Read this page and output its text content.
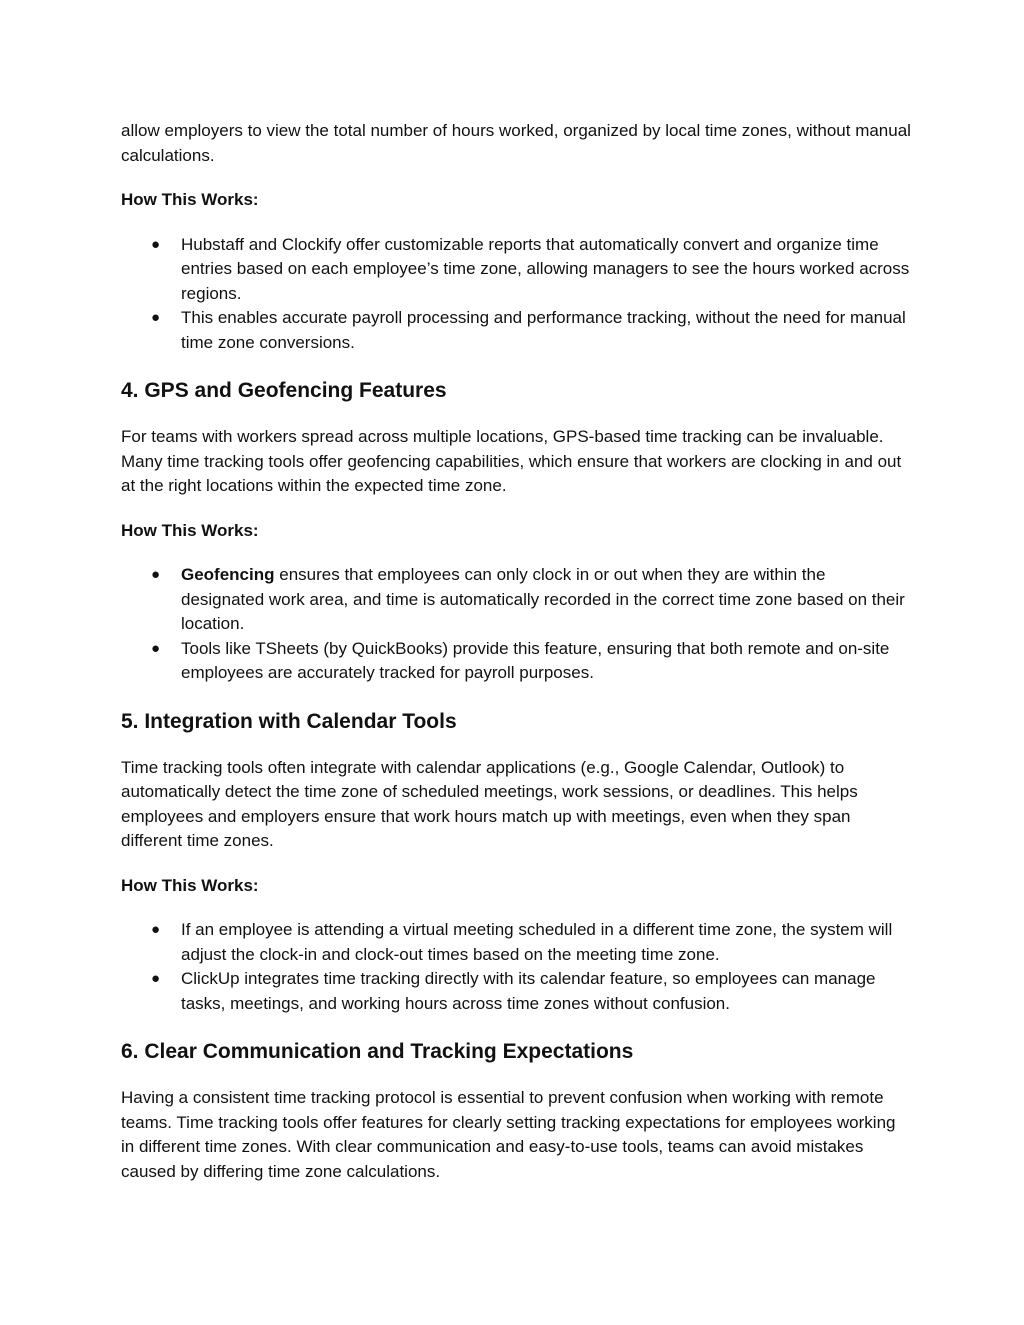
allow employers to view the total number of hours worked, organized by local time zones, without manual calculations.

How This Works:

● Hubstaff and Clockify offer customizable reports that automatically convert and organize time entries based on each employee’s time zone, allowing managers to see the hours worked across regions.
● This enables accurate payroll processing and performance tracking, without the need for manual time zone conversions.
4. GPS and Geofencing Features

For teams with workers spread across multiple locations, GPS-based time tracking can be invaluable. Many time tracking tools offer geofencing capabilities, which ensure that workers are clocking in and out at the right locations within the expected time zone.

How This Works:

● Geofencing ensures that employees can only clock in or out when they are within the designated work area, and time is automatically recorded in the correct time zone based on their location.
● Tools like TSheets (by QuickBooks) provide this feature, ensuring that both remote and on-site employees are accurately tracked for payroll purposes.
5. Integration with Calendar Tools

Time tracking tools often integrate with calendar applications (e.g., Google Calendar, Outlook) to automatically detect the time zone of scheduled meetings, work sessions, or deadlines. This helps employees and employers ensure that work hours match up with meetings, even when they span different time zones.

How This Works:

● If an employee is attending a virtual meeting scheduled in a different time zone, the system will adjust the clock-in and clock-out times based on the meeting time zone.
● ClickUp integrates time tracking directly with its calendar feature, so employees can manage tasks, meetings, and working hours across time zones without confusion.
6. Clear Communication and Tracking Expectations

Having a consistent time tracking protocol is essential to prevent confusion when working with remote teams. Time tracking tools offer features for clearly setting tracking expectations for employees working in different time zones. With clear communication and easy-to-use tools, teams can avoid mistakes caused by differing time zone calculations.
